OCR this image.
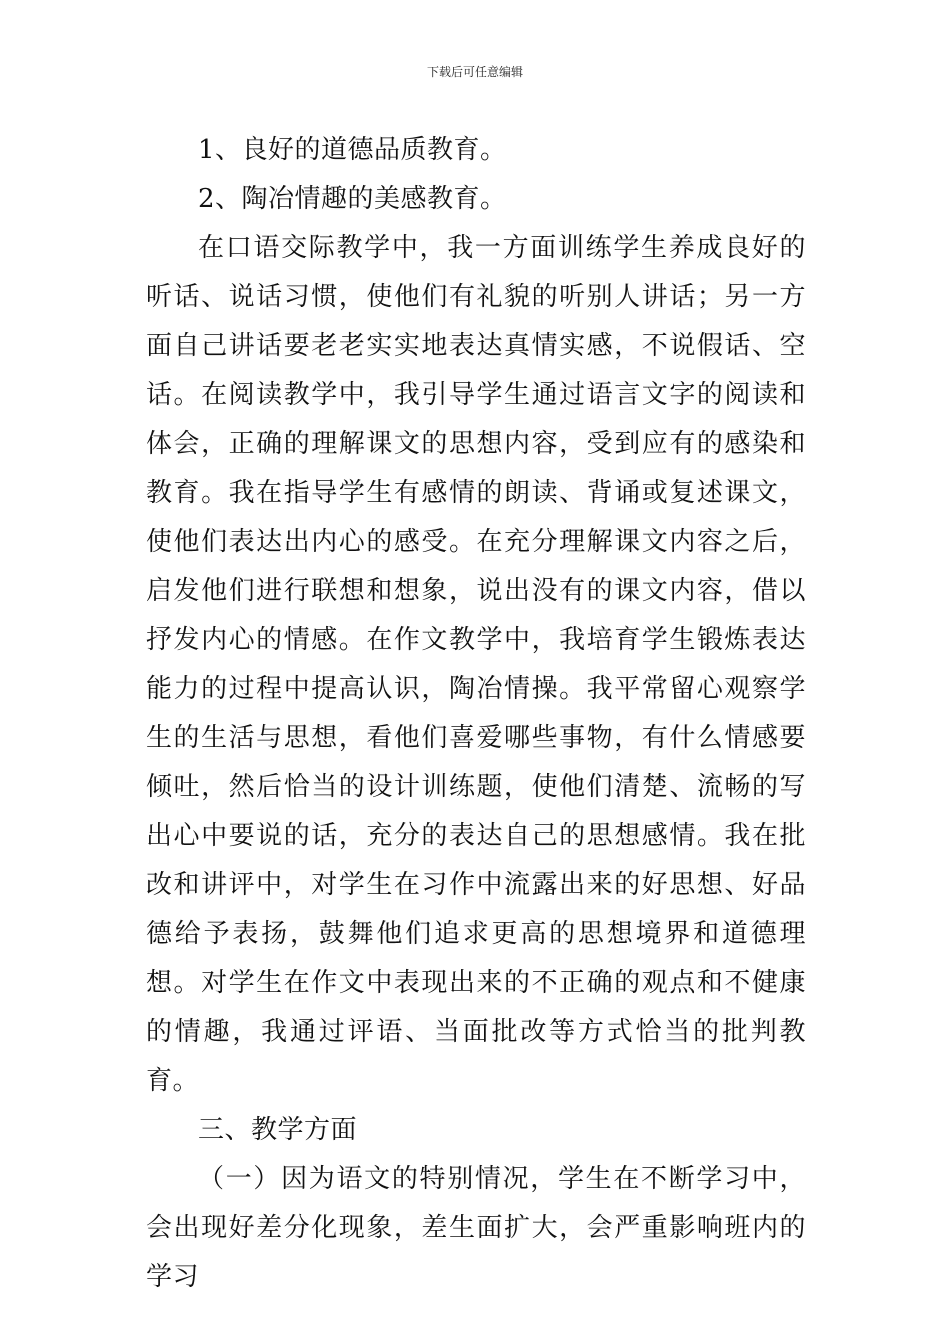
下载后可任意编辑

1、良好的道德品质教育。

2、陶冶情趣的美感教育。

在口语交际教学中，我一方面训练学生养成良好的听话、说话习惯，使他们有礼貌的听别人讲话；另一方面自己讲话要老老实实地表达真情实感，不说假话、空话。在阅读教学中，我引导学生通过语言文字的阅读和体会，正确的理解课文的思想内容，受到应有的感染和教育。我在指导学生有感情的朗读、背诵或复述课文，使他们表达出内心的感受。在充分理解课文内容之后，启发他们进行联想和想象，说出没有的课文内容，借以抒发内心的情感。在作文教学中，我培育学生锻炼表达能力的过程中提高认识，陶冶情操。我平常留心观察学生的生活与思想，看他们喜爱哪些事物，有什么情感要倾吐，然后恰当的设计训练题，使他们清楚、流畅的写出心中要说的话，充分的表达自己的思想感情。我在批改和讲评中，对学生在习作中流露出来的好思想、好品德给予表扬，鼓舞他们追求更高的思想境界和道德理想。对学生在作文中表现出来的不正确的观点和不健康的情趣，我通过评语、当面批改等方式恰当的批判教育。

三、教学方面

（一）因为语文的特别情况，学生在不断学习中，会出现好差分化现象，差生面扩大，会严重影响班内的学习
